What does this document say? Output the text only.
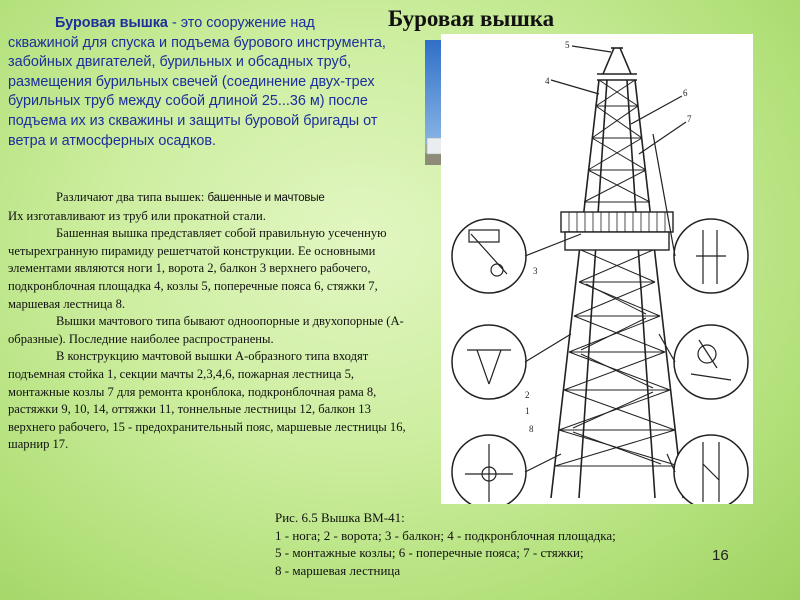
Буровая вышка

Буровая вышка - это сооружение над скважиной для спуска и подъема бурового инструмента, забойных двигателей, бурильных и обсадных труб, размещения бурильных свечей (соединение двух-трех бурильных труб между собой длиной 25...36 м) после подъема их из скважины и защиты буровой бригады от ветра и атмосферных осадков.

Различают два типа вышек: башенные и мачтовые

Их изготавливают из труб или прокатной стали.

Башенная вышка представляет собой правильную усеченную четырехгранную пирамиду решетчатой конструкции. Ее основными элементами являются ноги 1, ворота 2, балкон 3 верхнего рабочего, подкронблочная площадка 4, козлы 5, поперечные пояса 6, стяжки 7, маршевая лестница 8.

Вышки мачтового типа бывают одноопорные и двухопорные (А-образные). Последние наиболее распространены.

В конструкцию мачтовой вышки А-образного типа входят подъемная стойка 1, секции мачты 2,3,4,6, пожарная лестница 5, монтажные козлы 7 для ремонта кронблока, подкронблочная рама 8, растяжки 9, 10, 14, оттяжки 11, тоннельные лестницы 12, балкон 13 верхнего рабочего, 15 - предохранительный пояс, маршевые лестницы 16, шарнир 17.

5
4
6
7
3
2
1
8

Рис. 6.5 Вышка ВМ-41:
1 - нога; 2 - ворота; 3 - балкон; 4 - подкронблочная площадка;
5 - монтажные козлы; 6 - поперечные пояса; 7 - стяжки;
8 - маршевая лестница

16
